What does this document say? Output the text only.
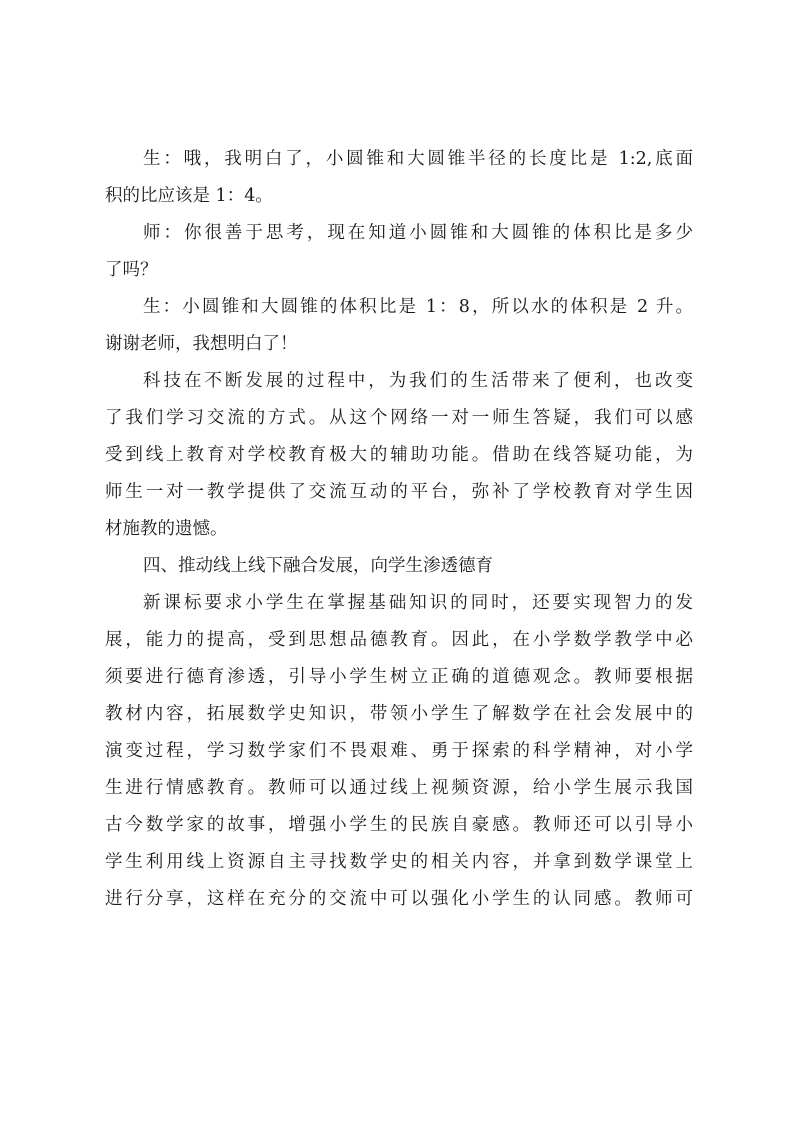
生：哦，我明白了，小圆锥和大圆锥半径的长度比是 1:2,底面
积的比应该是 1：4。
师：你很善于思考，现在知道小圆锥和大圆锥的体积比是多少
了吗？
生：小圆锥和大圆锥的体积比是 1：8，所以水的体积是 2 升。
谢谢老师，我想明白了！
科技在不断发展的过程中，为我们的生活带来了便利，也改变
了我们学习交流的方式。从这个网络一对一师生答疑，我们可以感
受到线上教育对学校教育极大的辅助功能。借助在线答疑功能，为
师生一对一教学提供了交流互动的平台，弥补了学校教育对学生因
材施教的遗憾。
四、推动线上线下融合发展，向学生渗透德育
新课标要求小学生在掌握基础知识的同时，还要实现智力的发
展，能力的提高，受到思想品德教育。因此，在小学数学教学中必
须要进行德育渗透，引导小学生树立正确的道德观念。教师要根据
教材内容，拓展数学史知识，带领小学生了解数学在社会发展中的
演变过程，学习数学家们不畏艰难、勇于探索的科学精神，对小学
生进行情感教育。教师可以通过线上视频资源，给小学生展示我国
古今数学家的故事，增强小学生的民族自豪感。教师还可以引导小
学生利用线上资源自主寻找数学史的相关内容，并拿到数学课堂上
进行分享，这样在充分的交流中可以强化小学生的认同感。教师可
